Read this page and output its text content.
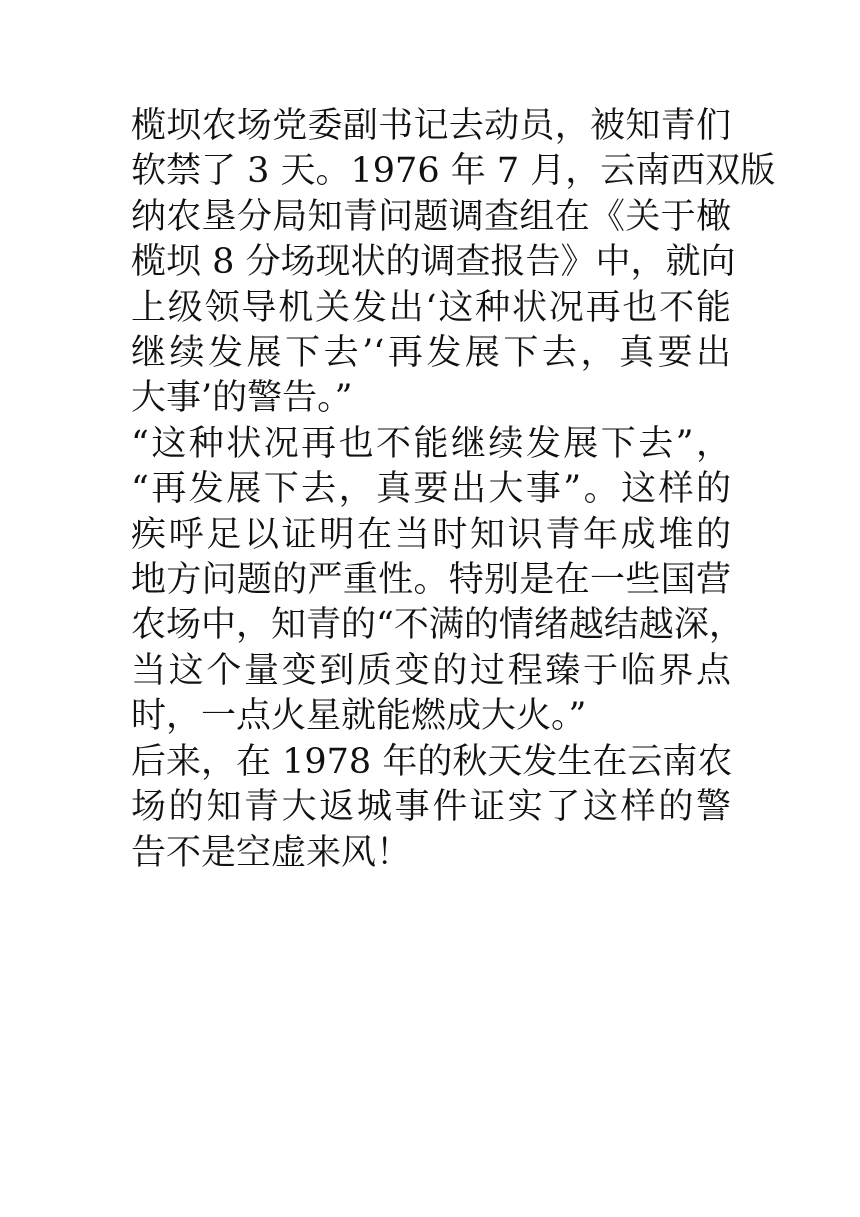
榄坝农场党委副书记去动员，被知青们
软禁了 3 天。1976 年 7 月，云南西双版
纳农垦分局知青问题调查组在《关于橄
榄坝 8 分场现状的调查报告》中，就向
上级领导机关发出‘这种状况再也不能
继续发展下去’‘再发展下去，真要出
大事’的警告。”
“这种状况再也不能继续发展下去”，
“再发展下去，真要出大事”。这样的
疾呼足以证明在当时知识青年成堆的
地方问题的严重性。特别是在一些国营
农场中，知青的“不满的情绪越结越深，
当这个量变到质变的过程臻于临界点
时，一点火星就能燃成大火。”
后来，在 1978 年的秋天发生在云南农
场的知青大返城事件证实了这样的警
告不是空虚来风！
